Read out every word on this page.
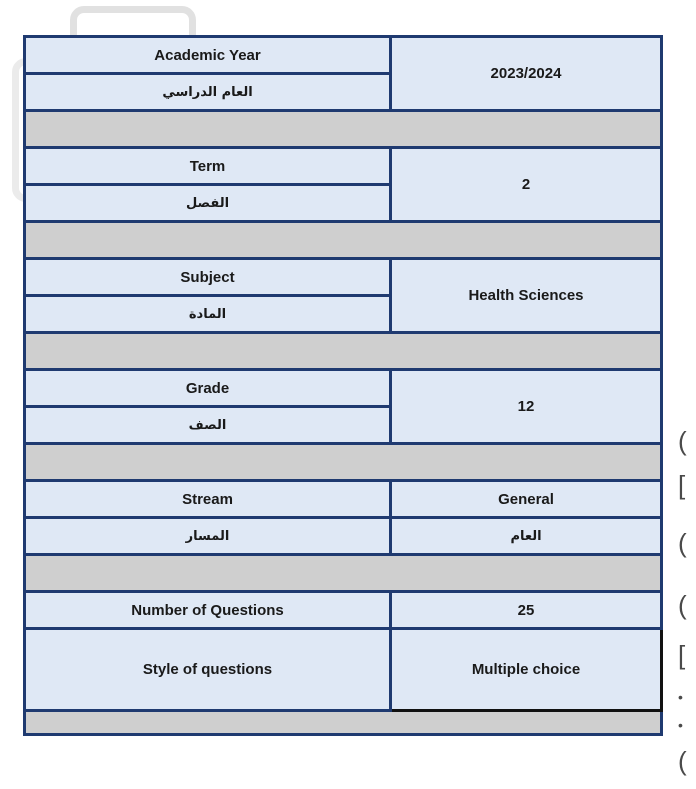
Academic Year	2023/2024
العام الدراسي	

Term	2
الفصل	

Subject	Health Sciences
المادة	

Grade	12
الصف	

Stream	General
المسار	العام

Number of Questions	25
Style of questions	Multiple choice

(
[
(
(
[
•
•
(
